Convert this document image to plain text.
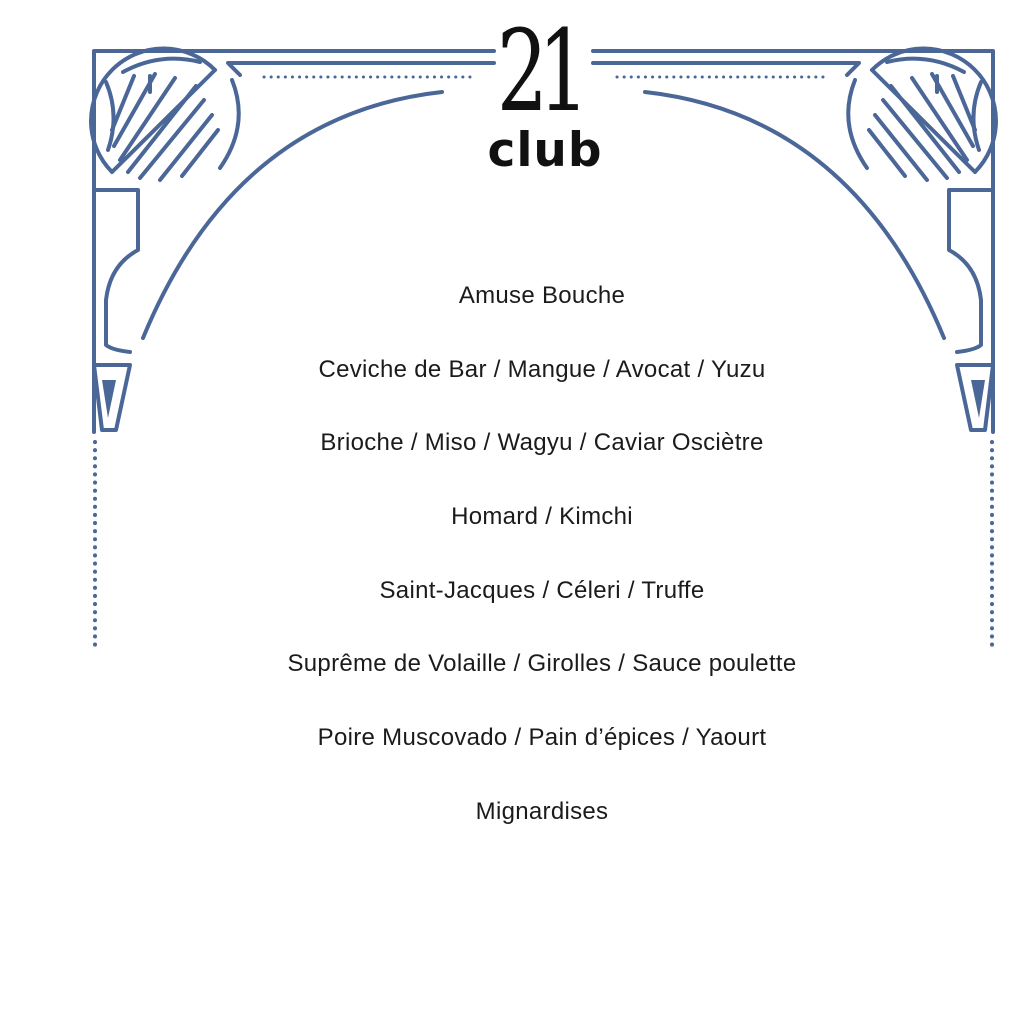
21
club
Amuse Bouche
Ceviche de Bar / Mangue / Avocat / Yuzu
Brioche / Miso / Wagyu / Caviar Osciètre
Homard / Kimchi
Saint-Jacques / Céleri / Truffe
Suprême de Volaille / Girolles / Sauce poulette
Poire Muscovado / Pain d’épices / Yaourt
Mignardises
